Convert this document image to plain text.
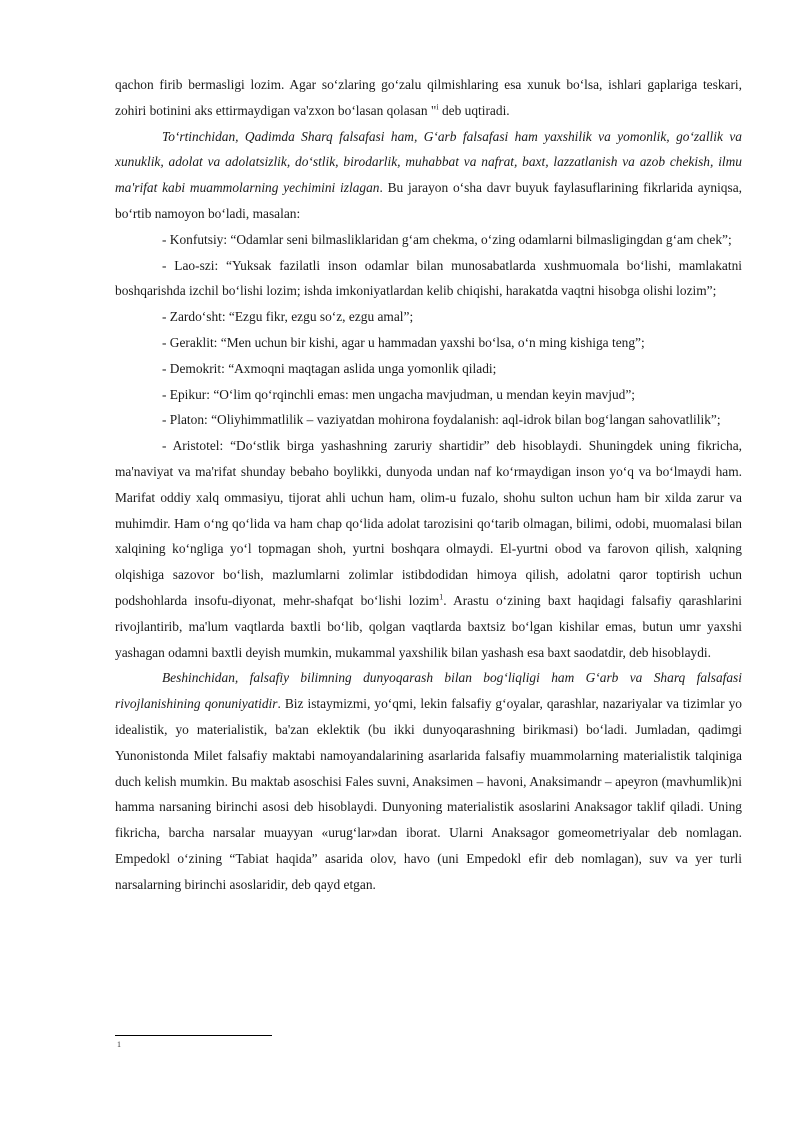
qachon firib bermasligi lozim. Agar soʻzlaring goʻzalu qilmishlaring esa xunuk boʻlsa, ishlari gaplariga teskari, zohiri botinini aks ettirmaydigan va'zxon boʻlasan qolasan "$^i$ deb uqtiradi.

Toʻrtinchidan, Qadimda Sharq falsafasi ham, Gʻarb falsafasi ham yaxshilik va yomonlik, goʻzallik va xunuklik, adolat va adolatsizlik, doʻstlik, birodarlik, muhabbat va nafrat, baxt, lazzatlanish va azob chekish, ilmu ma'rifat kabi muammolarning yechimini izlagan. Bu jarayon oʻsha davr buyuk faylasuflarining fikrlarida ayniqsa, boʻrtib namoyon boʻladi, masalan:

- Konfutsiy: “Odamlar seni bilmasliklaridan gʻam chekma, oʻzing odamlarni bilmasligingdan gʻam chek”;

- Lao-szi: “Yuksak fazilatli inson odamlar bilan munosabatlarda xushmuomala boʻlishi, mamlakatni boshqarishda izchil boʻlishi lozim; ishda imkoniyatlardan kelib chiqishi, harakatda vaqtni hisobga olishi lozim”;

- Zardoʻsht: “Ezgu fikr, ezgu soʻz, ezgu amal”;

- Geraklit: “Men uchun bir kishi, agar u hammadan yaxshi boʻlsa, oʻn ming kishiga teng”;

- Demokrit: “Axmoqni maqtagan aslida unga yomonlik qiladi;

- Epikur: “Oʻlim qoʻrqinchli emas: men ungacha mavjudman, u mendan keyin mavjud”;

- Platon: “Oliyhimmatlilik – vaziyatdan mohirona foydalanish: aql-idrok bilan bogʻlangan sahovatlilik”;

- Aristotel: “Doʻstlik birga yashashning zaruriy shartidir” deb hisoblaydi. Shuningdek uning fikricha, ma'naviyat va ma'rifat shunday bebaho boylikki, dunyoda undan naf koʻrmaydigan inson yoʻq va boʻlmaydi ham. Marifat oddiy xalq ommasiyu, tijorat ahli uchun ham, olim-u fuzalo, shohu sulton uchun ham bir xilda zarur va muhimdir. Ham oʻng qoʻlida va ham chap qoʻlida adolat tarozisini qoʻtarib olmagan, bilimi, odobi, muomalasi bilan xalqining koʻngliga yoʻl topmagan shoh, yurtni boshqara olmaydi. El-yurtni obod va farovon qilish, xalqning olqishiga sazovor boʻlish, mazlumlarni zolimlar istibdodidan himoya qilish, adolatni qaror toptirish uchun podshohlarda insofu-diyonat, mehr-shafqat boʻlishi lozim$^1$. Arastu oʻzining baxt haqidagi falsafiy qarashlarini rivojlantirib, ma'lum vaqtlarda baxtli boʻlib, qolgan vaqtlarda baxtsiz boʻlgan kishilar emas, butun umr yaxshi yashagan odamni baxtli deyish mumkin, mukammal yaxshilik bilan yashash esa baxt saodatdir, deb hisoblaydi.

Beshinchidan, falsafiy bilimning dunyoqarash bilan bogʻliqligi ham Gʻarb va Sharq falsafasi rivojlanishining qonuniyatidir. Biz istaymizmi, yoʻqmi, lekin falsafiy gʻoyalar, qarashlar, nazariyalar va tizimlar yo idealistik, yo materialistik, ba'zan eklektik (bu ikki dunyoqarashning birikmasi) boʻladi. Jumladan, qadimgi Yunonistonda Milet falsafiy maktabi namoyandalarining asarlarida falsafiy muammolarning materialistik talqiniga duch kelish mumkin. Bu maktab asoschisi Fales suvni, Anaksimen – havoni, Anaksimandr – apeyron (mavhumlik)ni hamma narsaning birinchi asosi deb hisoblaydi. Dunyoning materialistik asoslarini Anaksagor taklif qiladi. Uning fikricha, barcha narsalar muayyan «urugʻlar»dan iborat. Ularni Anaksagor gomeometriyalar deb nomlagan. Empedokl oʻzining “Tabiat haqida” asarida olov, havo (uni Empedokl efir deb nomlagan), suv va yer turli narsalarning birinchi asoslaridir, deb qayd etgan.

1
